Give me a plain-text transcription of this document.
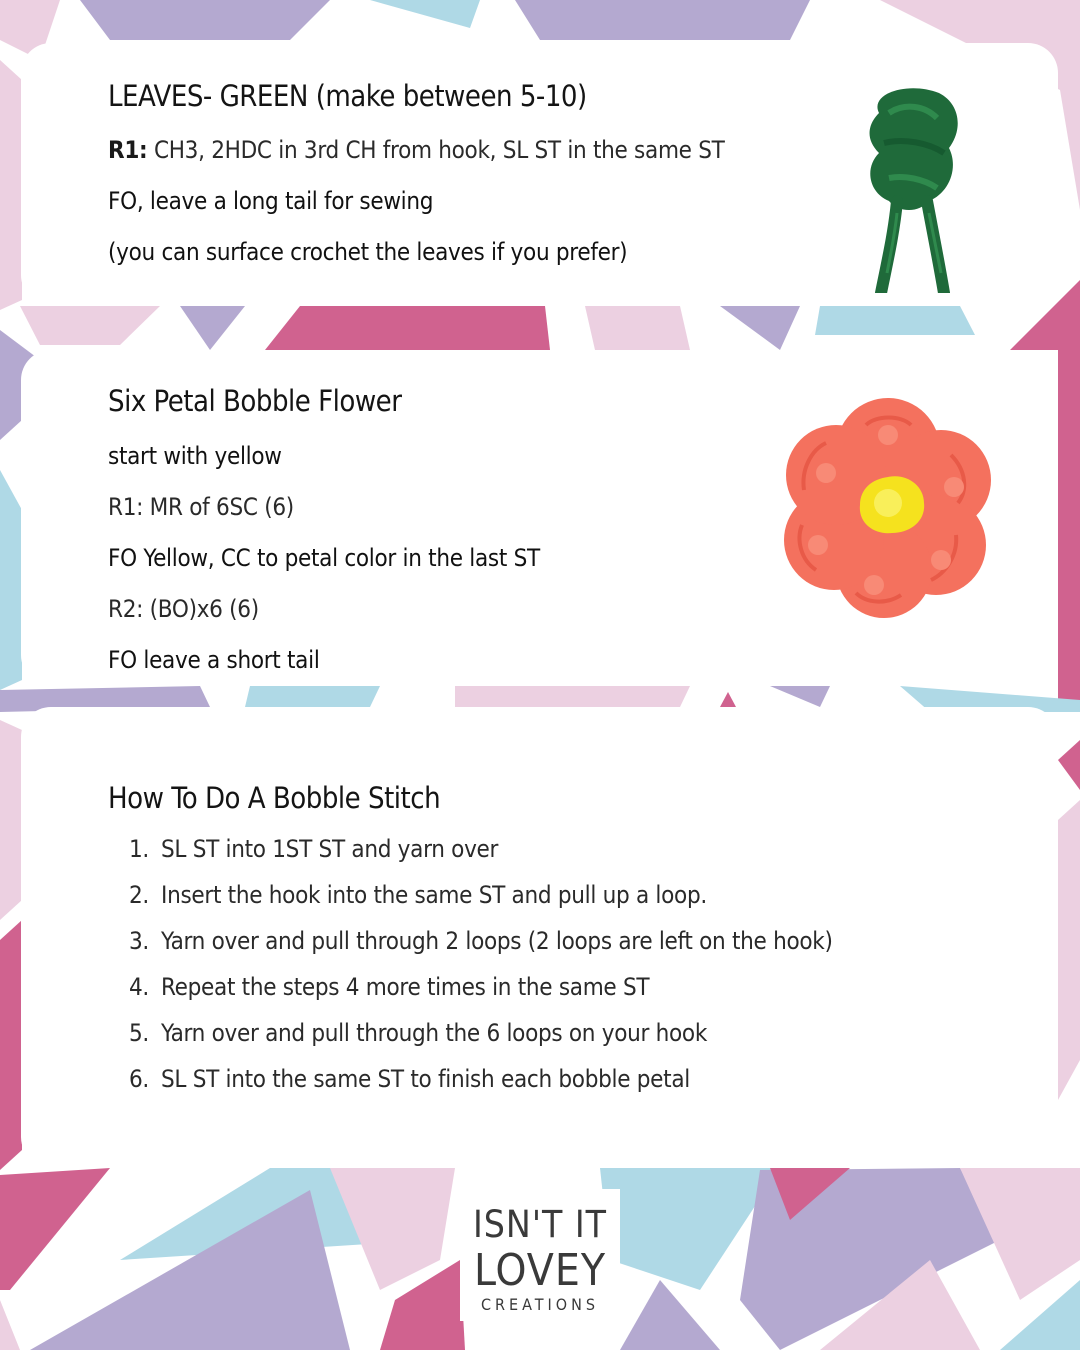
LEAVES- GREEN (make between 5-10)

R1: CH3, 2HDC in 3rd CH from hook, SL ST in the same ST

FO, leave a long tail for sewing

(you can surface crochet the leaves if you prefer)

Six Petal Bobble Flower

start with yellow

R1: MR of 6SC (6)

FO Yellow, CC to petal color in the last ST

R2: (BO)x6 (6)

FO leave a short tail

How To Do A Bobble Stitch
1. SL ST into 1ST ST and yarn over
2. Insert the hook into the same ST and pull up a loop.
3. Yarn over and pull through 2 loops (2 loops are left on the hook)
4. Repeat the steps 4 more times in the same ST
5. Yarn over and pull through the 6 loops on your hook
6. SL ST into the same ST to finish each bobble petal
ISN'T IT
LOVEY
CREATIONS
